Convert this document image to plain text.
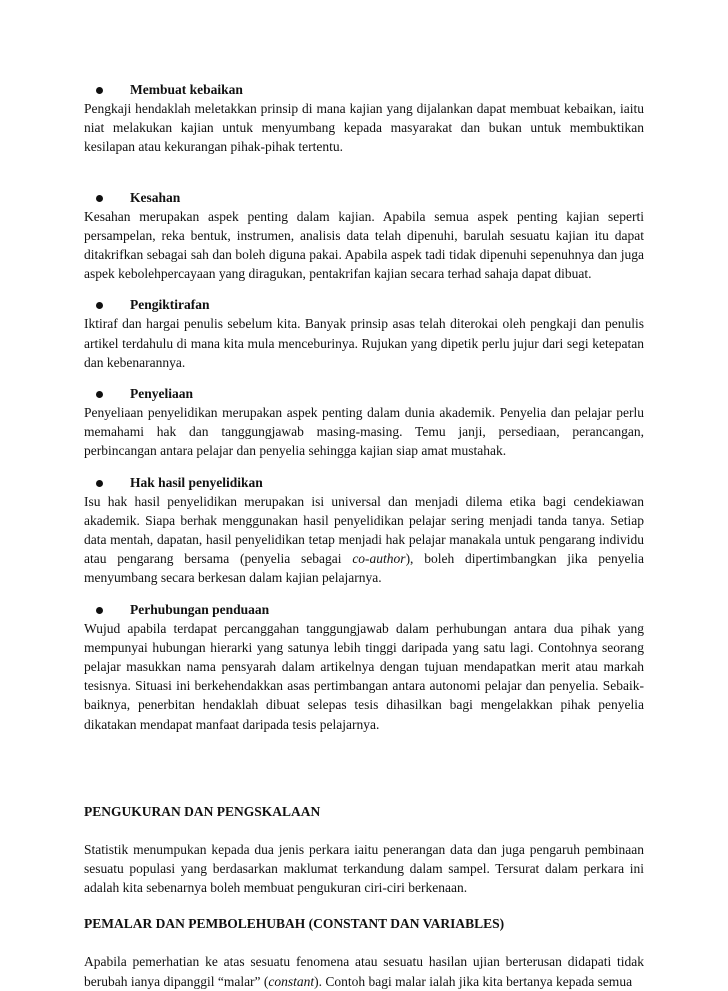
Membuat kebaikan

Pengkaji hendaklah meletakkan prinsip di mana kajian yang dijalankan dapat membuat kebaikan, iaitu niat melakukan kajian untuk menyumbang kepada masyarakat dan bukan untuk membuktikan kesilapan atau kekurangan pihak-pihak tertentu.

Kesahan

Kesahan merupakan aspek penting dalam kajian. Apabila semua aspek penting kajian seperti persampelan, reka bentuk, instrumen, analisis data telah dipenuhi, barulah sesuatu kajian itu dapat ditakrifkan sebagai sah dan boleh diguna pakai. Apabila aspek tadi tidak dipenuhi sepenuhnya dan juga aspek kebolehpercayaan yang diragukan, pentakrifan kajian secara terhad sahaja dapat dibuat.

Pengiktirafan

Iktiraf dan hargai penulis sebelum kita. Banyak prinsip asas telah diterokai oleh pengkaji dan penulis artikel terdahulu di mana kita mula menceburinya. Rujukan yang dipetik perlu jujur dari segi ketepatan dan kebenarannya.

Penyeliaan

Penyeliaan penyelidikan merupakan aspek penting dalam dunia akademik. Penyelia dan pelajar perlu memahami hak dan tanggungjawab masing-masing. Temu janji, persediaan, perancangan, perbincangan antara pelajar dan penyelia sehingga kajian siap amat mustahak.

Hak hasil penyelidikan

Isu hak hasil penyelidikan merupakan isi universal dan menjadi dilema etika bagi cendekiawan akademik. Siapa berhak menggunakan hasil penyelidikan pelajar sering menjadi tanda tanya. Setiap data mentah, dapatan, hasil penyelidikan tetap menjadi hak pelajar manakala untuk pengarang individu atau pengarang bersama (penyelia sebagai co-author), boleh dipertimbangkan jika penyelia menyumbang secara berkesan dalam kajian pelajarnya.

Perhubungan penduaan

Wujud apabila terdapat percanggahan tanggungjawab dalam perhubungan antara dua pihak yang mempunyai hubungan hierarki yang satunya lebih tinggi daripada yang satu lagi. Contohnya seorang pelajar masukkan nama pensyarah dalam artikelnya dengan tujuan mendapatkan merit atau markah tesisnya. Situasi ini berkehendakkan asas pertimbangan antara autonomi pelajar dan penyelia. Sebaik-baiknya, penerbitan hendaklah dibuat selepas tesis dihasilkan bagi mengelakkan pihak penyelia dikatakan mendapat manfaat daripada tesis pelajarnya.

PENGUKURAN DAN PENGSKALAAN

Statistik menumpukan kepada dua jenis perkara iaitu penerangan data dan juga pengaruh pembinaan sesuatu populasi yang berdasarkan maklumat terkandung dalam sampel. Tersurat dalam perkara ini adalah kita sebenarnya boleh membuat pengukuran ciri-ciri berkenaan.

PEMALAR DAN PEMBOLEHUBAH (CONSTANT DAN VARIABLES)

Apabila pemerhatian ke atas sesuatu fenomena atau sesuatu hasilan ujian berterusan didapati tidak berubah ianya dipanggil “malar” (constant). Contoh bagi malar ialah jika kita bertanya kepada semua
